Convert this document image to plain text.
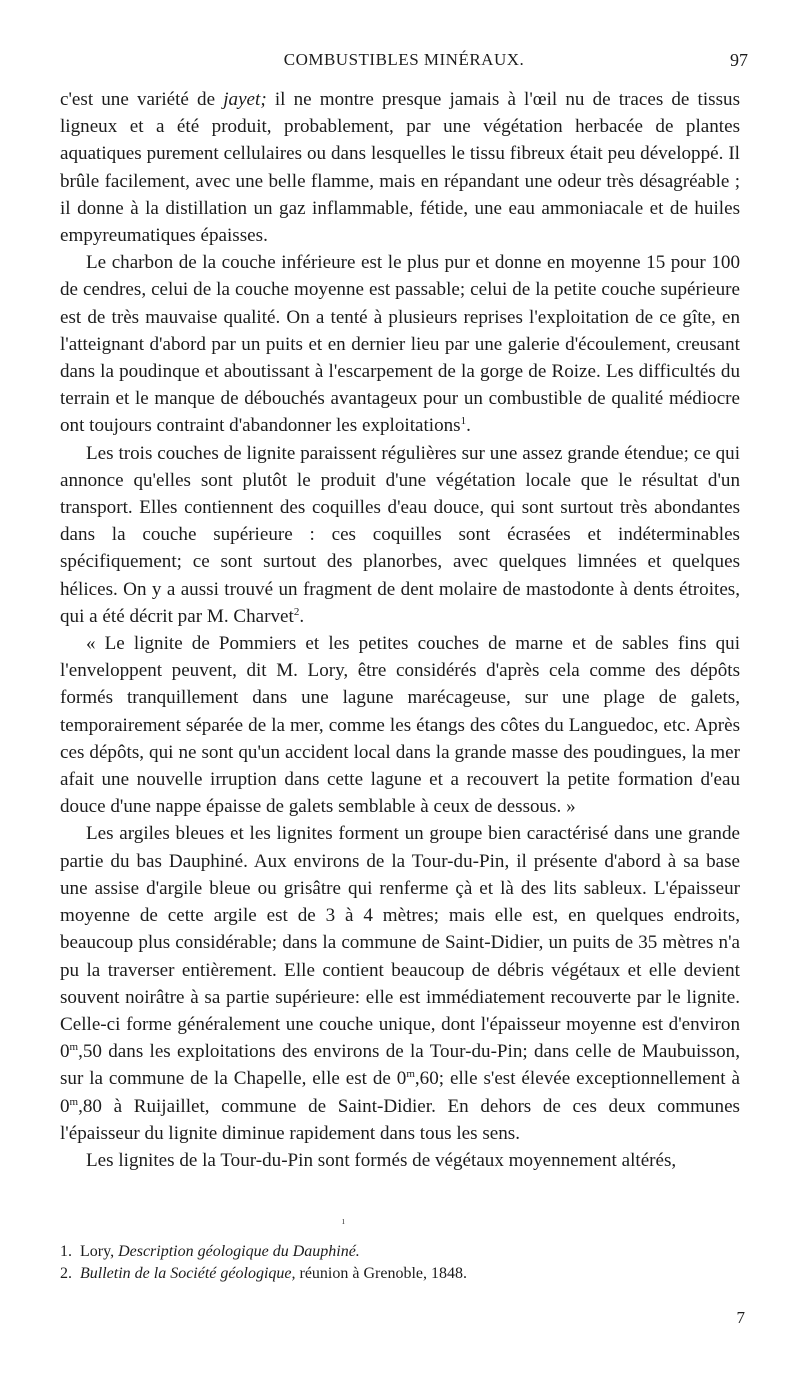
COMBUSTIBLES MINÉRAUX.	97

c'est une variété de jayet; il ne montre presque jamais à l'œil nu de traces de tissus ligneux et a été produit, probablement, par une végétation herbacée de plantes aquatiques purement cellulaires ou dans lesquelles le tissu fibreux était peu développé. Il brûle facilement, avec une belle flamme, mais en répandant une odeur très désagréable ; il donne à la distillation un gaz inflammable, fétide, une eau ammoniacale et de huiles empyreumatiques épaisses.

Le charbon de la couche inférieure est le plus pur et donne en moyenne 15 pour 100 de cendres, celui de la couche moyenne est passable; celui de la petite couche supérieure est de très mauvaise qualité. On a tenté à plusieurs reprises l'exploitation de ce gîte, en l'atteignant d'abord par un puits et en dernier lieu par une galerie d'écoulement, creusant dans la poudinque et aboutissant à l'escarpement de la gorge de Roize. Les difficultés du terrain et le manque de débouchés avantageux pour un combustible de qualité médiocre ont toujours contraint d'abandonner les exploitations$^1$.

Les trois couches de lignite paraissent régulières sur une assez grande étendue; ce qui annonce qu'elles sont plutôt le produit d'une végétation locale que le résultat d'un transport. Elles contiennent des coquilles d'eau douce, qui sont surtout très abondantes dans la couche supérieure : ces coquilles sont écrasées et indéterminables spécifiquement; ce sont surtout des planorbes, avec quelques limnées et quelques hélices. On y a aussi trouvé un fragment de dent molaire de mastodonte à dents étroites, qui a été décrit par M. Charvet$^2$.

« Le lignite de Pommiers et les petites couches de marne et de sables fins qui l'enveloppent peuvent, dit M. Lory, être considérés d'après cela comme des dépôts formés tranquillement dans une lagune marécageuse, sur une plage de galets, temporairement séparée de la mer, comme les étangs des côtes du Languedoc, etc. Après ces dépôts, qui ne sont qu'un accident local dans la grande masse des poudingues, la mer afait une nouvelle irruption dans cette lagune et a recouvert la petite formation d'eau douce d'une nappe épaisse de galets semblable à ceux de dessous. »

Les argiles bleues et les lignites forment un groupe bien caractérisé dans une grande partie du bas Dauphiné. Aux environs de la Tour-du-Pin, il présente d'abord à sa base une assise d'argile bleue ou grisâtre qui renferme çà et là des lits sableux. L'épaisseur moyenne de cette argile est de 3 à 4 mètres; mais elle est, en quelques endroits, beaucoup plus considérable; dans la commune de Saint-Didier, un puits de 35 mètres n'a pu la traverser entièrement. Elle contient beaucoup de débris végétaux et elle devient souvent noirâtre à sa partie supérieure: elle est immédiatement recouverte par le lignite. Celle-ci forme généralement une couche unique, dont l'épaisseur moyenne est d'environ 0$^m$,50 dans les exploitations des environs de la Tour-du-Pin; dans celle de Maubuisson, sur la commune de la Chapelle, elle est de 0$^m$,60; elle s'est élevée exceptionnellement à 0$^m$,80 à Ruijaillet, commune de Saint-Didier. En dehors de ces deux communes l'épaisseur du lignite diminue rapidement dans tous les sens.

Les lignites de la Tour-du-Pin sont formés de végétaux moyennement altérés,

ı
1. Lory, Description géologique du Dauphiné.
2. Bulletin de la Société géologique, réunion à Grenoble, 1848.
7
